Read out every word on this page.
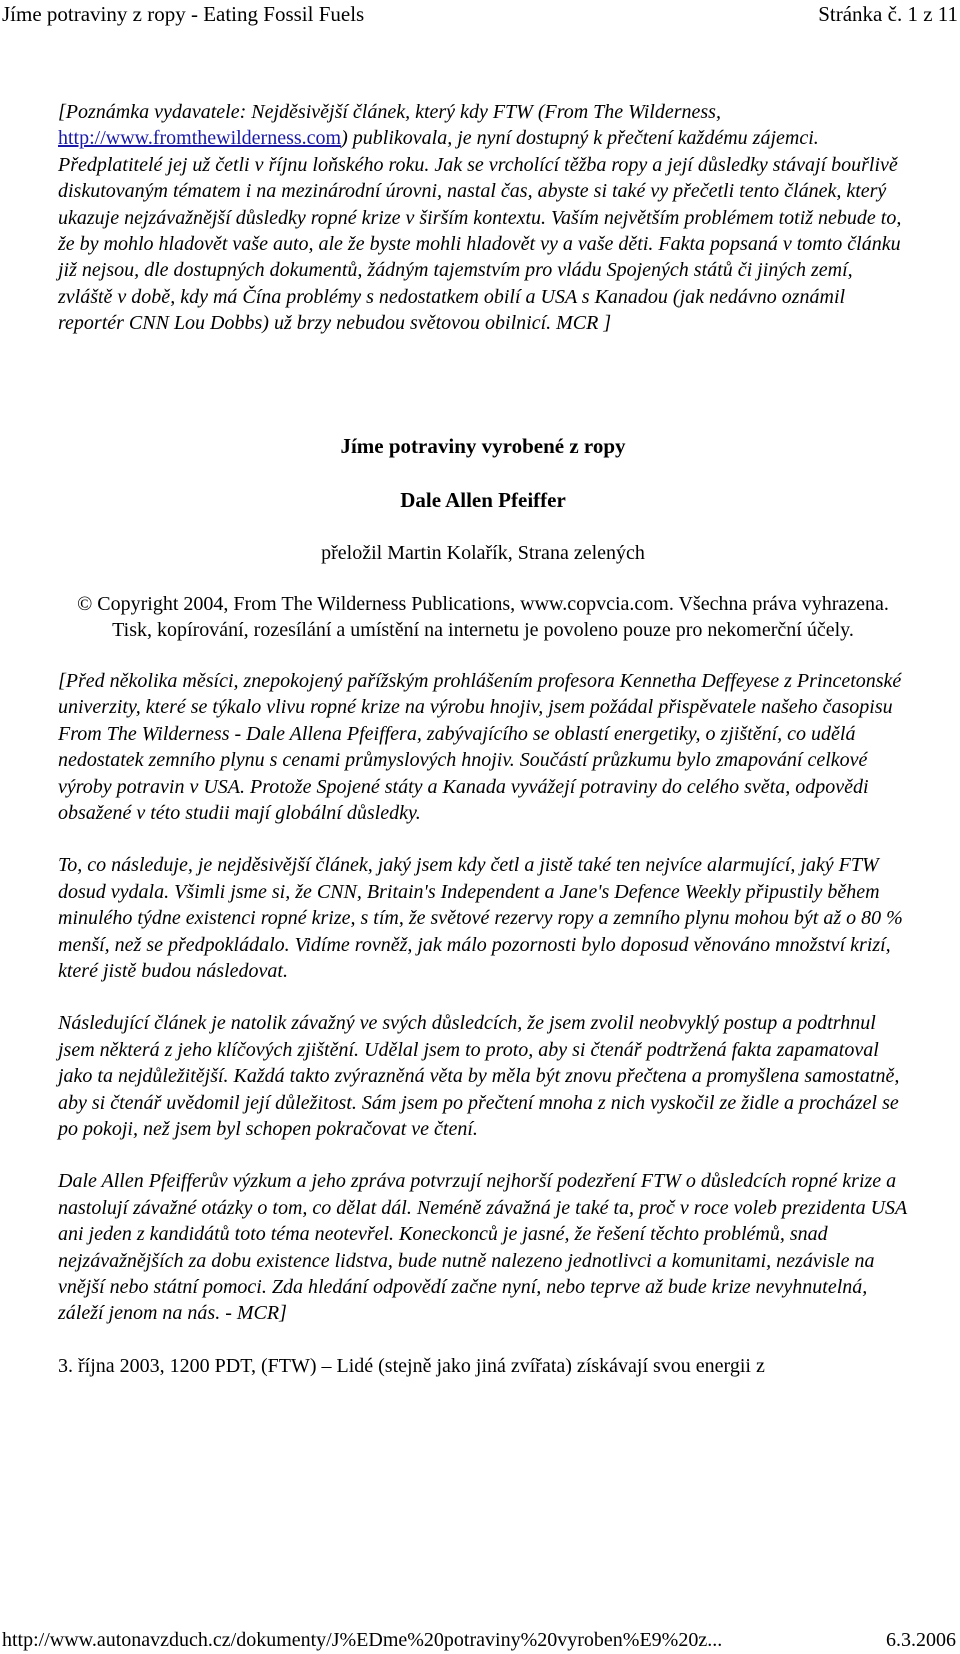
Jíme potraviny z ropy - Eating Fossil Fuels	Stránka č. 1 z 11

[Poznámka vydavatele: Nejděsivější článek, který kdy FTW (From The Wilderness, http://www.fromthewilderness.com) publikovala, je nyní dostupný k přečtení každému zájemci. Předplatitelé jej už četli v říjnu loňského roku. Jak se vrcholící těžba ropy a její důsledky stávají bouřlivě diskutovaným tématem i na mezinárodní úrovni, nastal čas, abyste si také vy přečetli tento článek, který ukazuje nejzávažnější důsledky ropné krize v širším kontextu. Vaším největším problémem totiž nebude to, že by mohlo hladovět vaše auto, ale že byste mohli hladovět vy a vaše děti. Fakta popsaná v tomto článku již nejsou, dle dostupných dokumentů, žádným tajemstvím pro vládu Spojených států či jiných zemí, zvláště v době, kdy má Čína problémy s nedostatkem obilí a USA s Kanadou (jak nedávno oznámil reportér CNN Lou Dobbs) už brzy nebudou světovou obilnicí. MCR ]

Jíme potraviny vyrobené z ropy

Dale Allen Pfeiffer

přeložil Martin Kolařík, Strana zelených

© Copyright 2004, From The Wilderness Publications, www.copvcia.com. Všechna práva vyhrazena. Tisk, kopírování, rozesílání a umístění na internetu je povoleno pouze pro nekomerční účely.

[Před několika měsíci, znepokojený pařížským prohlášením profesora Kennetha Deffeyese z Princetonské univerzity, které se týkalo vlivu ropné krize na výrobu hnojiv, jsem požádal přispěvatele našeho časopisu From The Wilderness - Dale Allena Pfeiffera, zabývajícího se oblastí energetiky, o zjištění, co udělá nedostatek zemního plynu s cenami průmyslových hnojiv. Součástí průzkumu bylo zmapování celkové výroby potravin v USA. Protože Spojené státy a Kanada vyvážejí potraviny do celého světa, odpovědi obsažené v této studii mají globální důsledky.

To, co následuje, je nejděsivější článek, jaký jsem kdy četl a jistě také ten nejvíce alarmující, jaký FTW dosud vydala. Všimli jsme si, že CNN, Britain's Independent a Jane's Defence Weekly připustily během minulého týdne existenci ropné krize, s tím, že světové rezervy ropy a zemního plynu mohou být až o 80 % menší, než se předpokládalo. Vidíme rovněž, jak málo pozornosti bylo doposud věnováno množství krizí, které jistě budou následovat.

Následující článek je natolik závažný ve svých důsledcích, že jsem zvolil neobvyklý postup a podtrhnul jsem některá z jeho klíčových zjištění. Udělal jsem to proto, aby si čtenář podtržená fakta zapamatoval jako ta nejdůležitější. Každá takto zvýrazněná věta by měla být znovu přečtena a promyšlena samostatně, aby si čtenář uvědomil její důležitost. Sám jsem po přečtení mnoha z nich vyskočil ze židle a procházel se po pokoji, než jsem byl schopen pokračovat ve čtení.

Dale Allen Pfeifferův výzkum a jeho zpráva potvrzují nejhorší podezření FTW o důsledcích ropné krize a nastolují závažné otázky o tom, co dělat dál. Neméně závažná je také ta, proč v roce voleb prezidenta USA ani jeden z kandidátů toto téma neotevřel. Koneckonců je jasné, že řešení těchto problémů, snad nejzávažnějších za dobu existence lidstva, bude nutně nalezeno jednotlivci a komunitami, nezávisle na vnější nebo státní pomoci. Zda hledání odpovědí začne nyní, nebo teprve až bude krize nevyhnutelná, záleží jenom na nás. - MCR]

3. října 2003, 1200 PDT, (FTW) – Lidé (stejně jako jiná zvířata) získávají svou energii z

http://www.autonavzduch.cz/dokumenty/J%EDme%20potraviny%20vyroben%E9%20z...	6.3.2006
